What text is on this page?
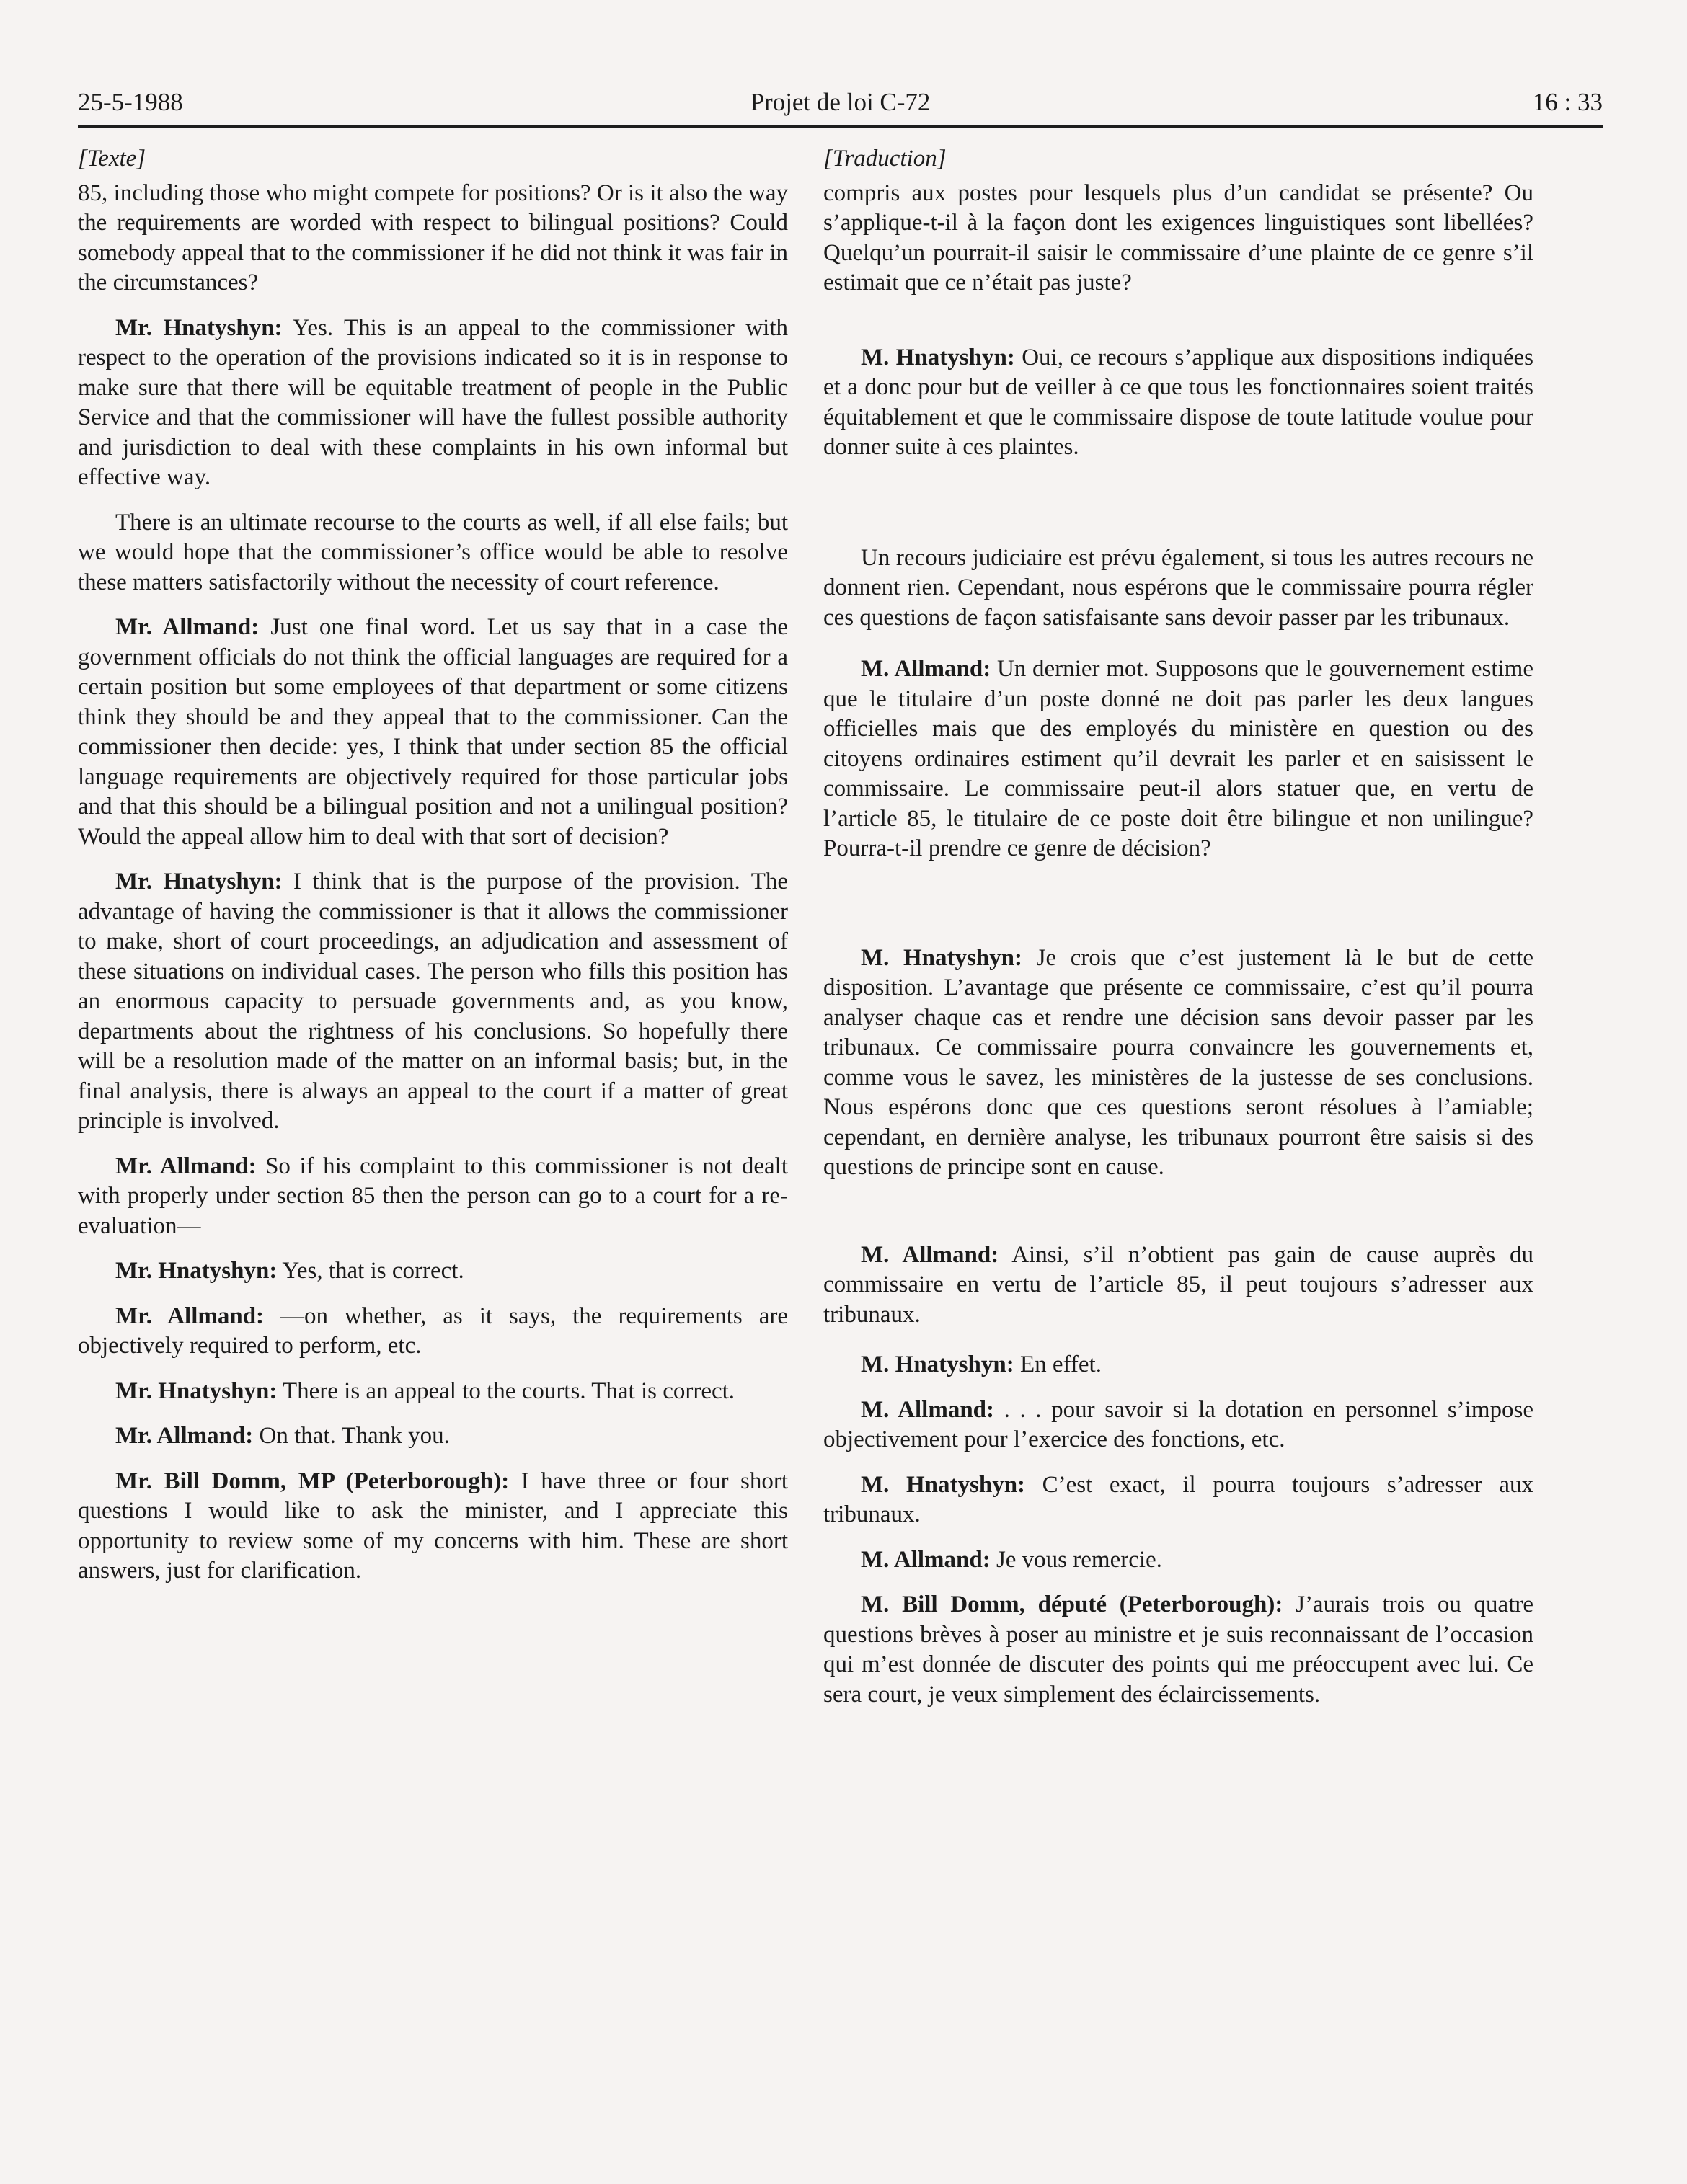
25-5-1988	Projet de loi C-72	16 : 33

[Texte]

85, including those who might compete for positions? Or is it also the way the requirements are worded with respect to bilingual positions? Could somebody appeal that to the commissioner if he did not think it was fair in the circumstances?

Mr. Hnatyshyn: Yes. This is an appeal to the commissioner with respect to the operation of the provisions indicated so it is in response to make sure that there will be equitable treatment of people in the Public Service and that the commissioner will have the fullest possible authority and jurisdiction to deal with these complaints in his own informal but effective way.

There is an ultimate recourse to the courts as well, if all else fails; but we would hope that the commissioner’s office would be able to resolve these matters satisfactorily without the necessity of court reference.

Mr. Allmand: Just one final word. Let us say that in a case the government officials do not think the official languages are required for a certain position but some employees of that department or some citizens think they should be and they appeal that to the commissioner. Can the commissioner then decide: yes, I think that under section 85 the official language requirements are objectively required for those particular jobs and that this should be a bilingual position and not a unilingual position? Would the appeal allow him to deal with that sort of decision?

Mr. Hnatyshyn: I think that is the purpose of the provision. The advantage of having the commissioner is that it allows the commissioner to make, short of court proceedings, an adjudication and assessment of these situations on individual cases. The person who fills this position has an enormous capacity to persuade governments and, as you know, departments about the rightness of his conclusions. So hopefully there will be a resolution made of the matter on an informal basis; but, in the final analysis, there is always an appeal to the court if a matter of great principle is involved.

Mr. Allmand: So if his complaint to this commissioner is not dealt with properly under section 85 then the person can go to a court for a re-evaluation—

Mr. Hnatyshyn: Yes, that is correct.

Mr. Allmand: —on whether, as it says, the requirements are objectively required to perform, etc.

Mr. Hnatyshyn: There is an appeal to the courts. That is correct.

Mr. Allmand: On that. Thank you.

Mr. Bill Domm, MP (Peterborough): I have three or four short questions I would like to ask the minister, and I appreciate this opportunity to review some of my concerns with him. These are short answers, just for clarification.

[Traduction]

compris aux postes pour lesquels plus d’un candidat se présente? Ou s’applique-t-il à la façon dont les exigences linguistiques sont libellées? Quelqu’un pourrait-il saisir le commissaire d’une plainte de ce genre s’il estimait que ce n’était pas juste?

M. Hnatyshyn: Oui, ce recours s’applique aux dispositions indiquées et a donc pour but de veiller à ce que tous les fonctionnaires soient traités équitablement et que le commissaire dispose de toute latitude voulue pour donner suite à ces plaintes.

Un recours judiciaire est prévu également, si tous les autres recours ne donnent rien. Cependant, nous espérons que le commissaire pourra régler ces questions de façon satisfaisante sans devoir passer par les tribunaux.

M. Allmand: Un dernier mot. Supposons que le gouvernement estime que le titulaire d’un poste donné ne doit pas parler les deux langues officielles mais que des employés du ministère en question ou des citoyens ordinaires estiment qu’il devrait les parler et en saisissent le commissaire. Le commissaire peut-il alors statuer que, en vertu de l’article 85, le titulaire de ce poste doit être bilingue et non unilingue? Pourra-t-il prendre ce genre de décision?

M. Hnatyshyn: Je crois que c’est justement là le but de cette disposition. L’avantage que présente ce commissaire, c’est qu’il pourra analyser chaque cas et rendre une décision sans devoir passer par les tribunaux. Ce commissaire pourra convaincre les gouvernements et, comme vous le savez, les ministères de la justesse de ses conclusions. Nous espérons donc que ces questions seront résolues à l’amiable; cependant, en dernière analyse, les tribunaux pourront être saisis si des questions de principe sont en cause.

M. Allmand: Ainsi, s’il n’obtient pas gain de cause auprès du commissaire en vertu de l’article 85, il peut toujours s’adresser aux tribunaux.

M. Hnatyshyn: En effet.

M. Allmand: . . . pour savoir si la dotation en personnel s’impose objectivement pour l’exercice des fonctions, etc.

M. Hnatyshyn: C’est exact, il pourra toujours s’adresser aux tribunaux.

M. Allmand: Je vous remercie.

M. Bill Domm, député (Peterborough): J’aurais trois ou quatre questions brèves à poser au ministre et je suis reconnaissant de l’occasion qui m’est donnée de discuter des points qui me préoccupent avec lui. Ce sera court, je veux simplement des éclaircissements.
